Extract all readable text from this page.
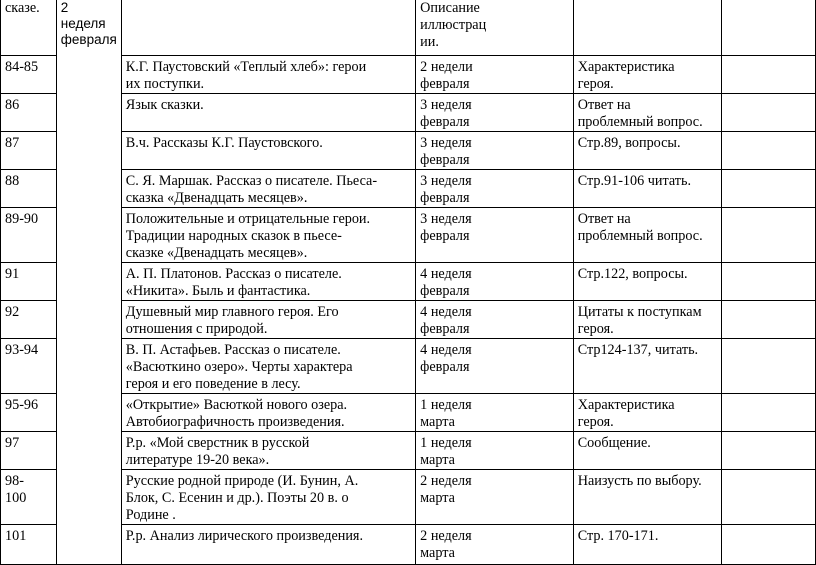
сказе.	2
неделя
февраля		Описание
иллюстрац
ии.		

84-85		К.Г. Паустовский «Теплый хлеб»: герои
их поступки.	2 недели
февраля	Характеристика
героя.	

86		Язык сказки.	3 неделя
февраля	Ответ на
проблемный вопрос.	

87		В.ч. Рассказы К.Г. Паустовского.	3 неделя
февраля	Стр.89, вопросы.	

88		С. Я. Маршак. Рассказ о писателе. Пьеса-
сказка «Двенадцать месяцев».	3 неделя
февраля	Стр.91-106 читать.	

89-90		Положительные и отрицательные герои.
Традиции народных сказок в пьесе-
сказке «Двенадцать месяцев».	3 неделя
февраля	Ответ на
проблемный вопрос.	

91		А. П. Платонов. Рассказ о писателе.
«Никита». Быль и фантастика.	4 неделя
февраля	Стр.122, вопросы.	

92		Душевный мир главного героя. Его
отношения с природой.	4 неделя
февраля	Цитаты к поступкам
героя.	

93-94		В. П. Астафьев. Рассказ о писателе.
«Васюткино озеро». Черты характера
героя и его поведение в лесу.	4 неделя
февраля	Стр124-137, читать.	

95-96		«Открытие» Васюткой нового озера.
Автобиографичность произведения.	1 неделя
марта	Характеристика
героя.	

97		Р.р. «Мой сверстник в русской
литературе 19-20 века».	1 неделя
марта	Сообщение.	

98-
100		Русские родной природе (И. Бунин, А.
Блок, С. Есенин и др.). Поэты 20 в. о
Родине .	2 неделя
марта	Наизусть по выбору.	

101		Р.р. Анализ лирического произведения.	2 неделя
марта	Стр. 170-171.	
